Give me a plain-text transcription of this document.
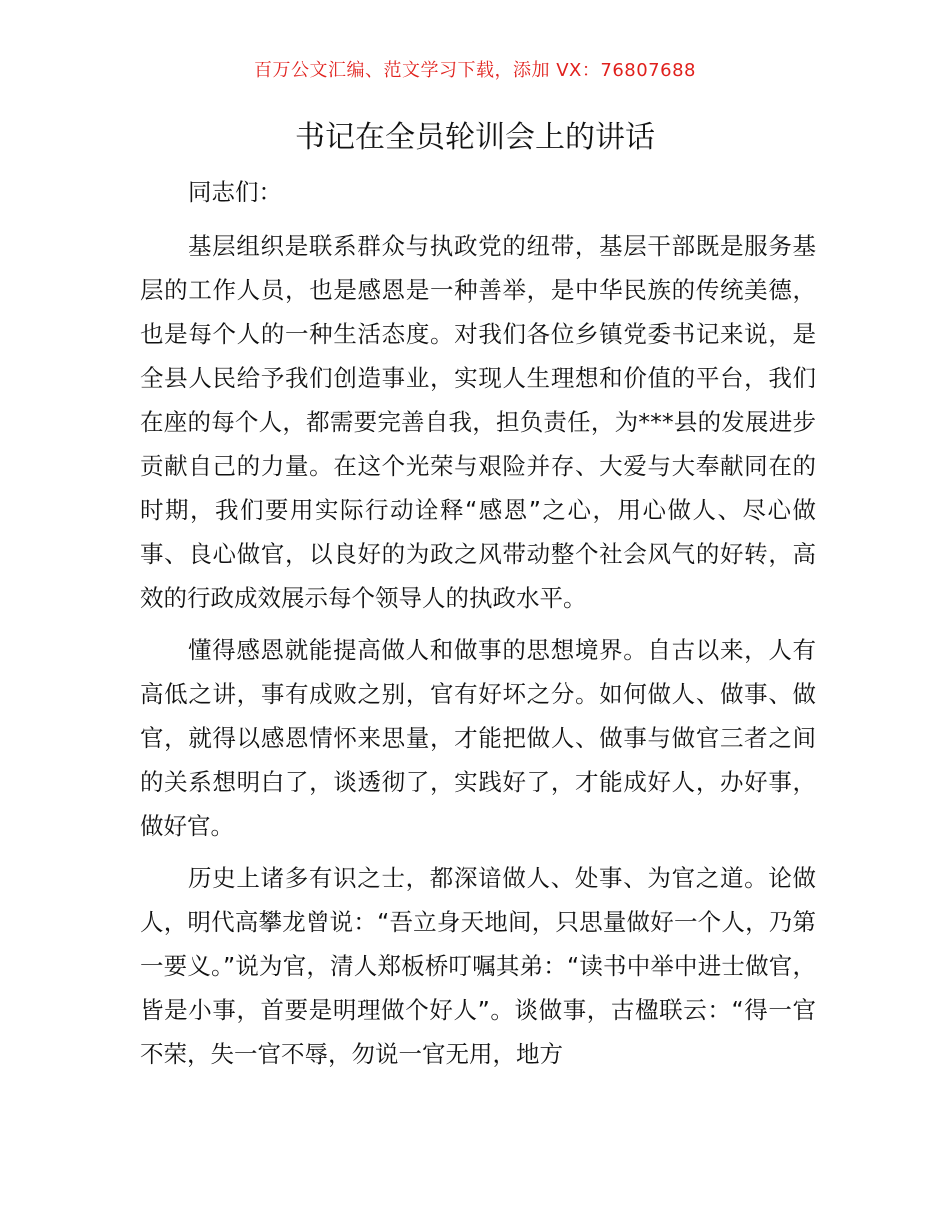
百万公文汇编、范文学习下载，添加 VX：76807688
书记在全员轮训会上的讲话

同志们：

基层组织是联系群众与执政党的纽带，基层干部既是服务基层的工作人员，也是感恩是一种善举，是中华民族的传统美德，也是每个人的一种生活态度。对我们各位乡镇党委书记来说，是全县人民给予我们创造事业，实现人生理想和价值的平台，我们在座的每个人，都需要完善自我，担负责任，为***县的发展进步贡献自己的力量。在这个光荣与艰险并存、大爱与大奉献同在的时期，我们要用实际行动诠释“感恩”之心，用心做人、尽心做事、良心做官，以良好的为政之风带动整个社会风气的好转，高效的行政成效展示每个领导人的执政水平。

懂得感恩就能提高做人和做事的思想境界。自古以来，人有高低之讲，事有成败之别，官有好坏之分。如何做人、做事、做官，就得以感恩情怀来思量，才能把做人、做事与做官三者之间的关系想明白了，谈透彻了，实践好了，才能成好人，办好事，做好官。

历史上诸多有识之士，都深谙做人、处事、为官之道。论做人，明代高攀龙曾说：“吾立身天地间，只思量做好一个人，乃第一要义。”说为官，清人郑板桥叮嘱其弟：“读书中举中进士做官，皆是小事，首要是明理做个好人”。谈做事，古楹联云：“得一官不荣，失一官不辱，勿说一官无用，地方
